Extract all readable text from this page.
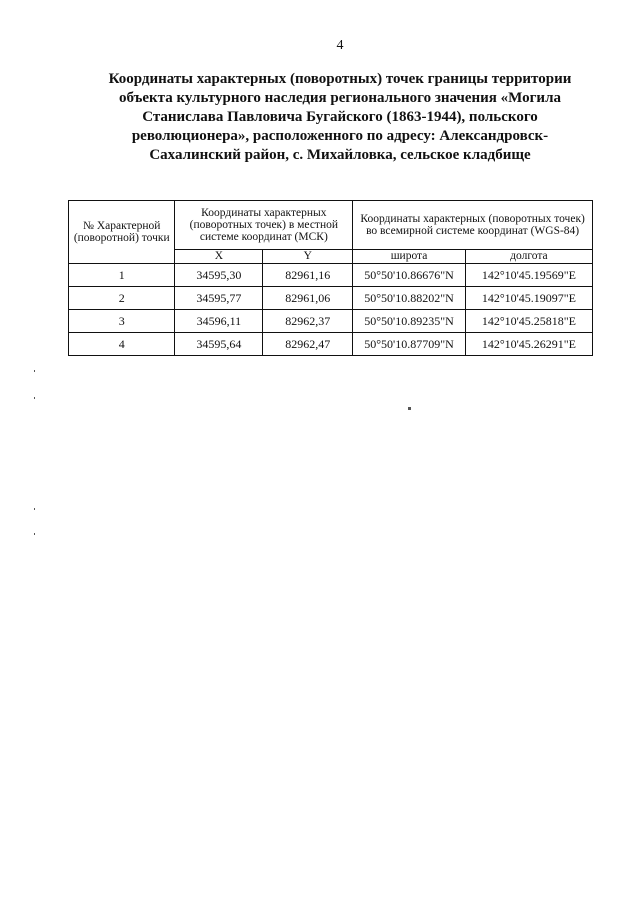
4
Координаты характерных (поворотных) точек границы территории
объекта культурного наследия регионального значения «Могила
Станислава Павловича Бугайского (1863-1944), польского
революционера», расположенного по адресу: Александровск-
Сахалинский район, с. Михайловка, сельское кладбище
№ Характерной (поворотной) точки	Координаты характерных (поворотных точек) в местной системе координат (МСК)		Координаты характерных (поворотных точек) во всемирной системе координат (WGS-84)	
	X	Y	широта	долгота
1	34595,30	82961,16	50°50'10.86676"N	142°10'45.19569"E
2	34595,77	82961,06	50°50'10.88202"N	142°10'45.19097"E
3	34596,11	82962,37	50°50'10.89235"N	142°10'45.25818"E
4	34595,64	82962,47	50°50'10.87709"N	142°10'45.26291"E
